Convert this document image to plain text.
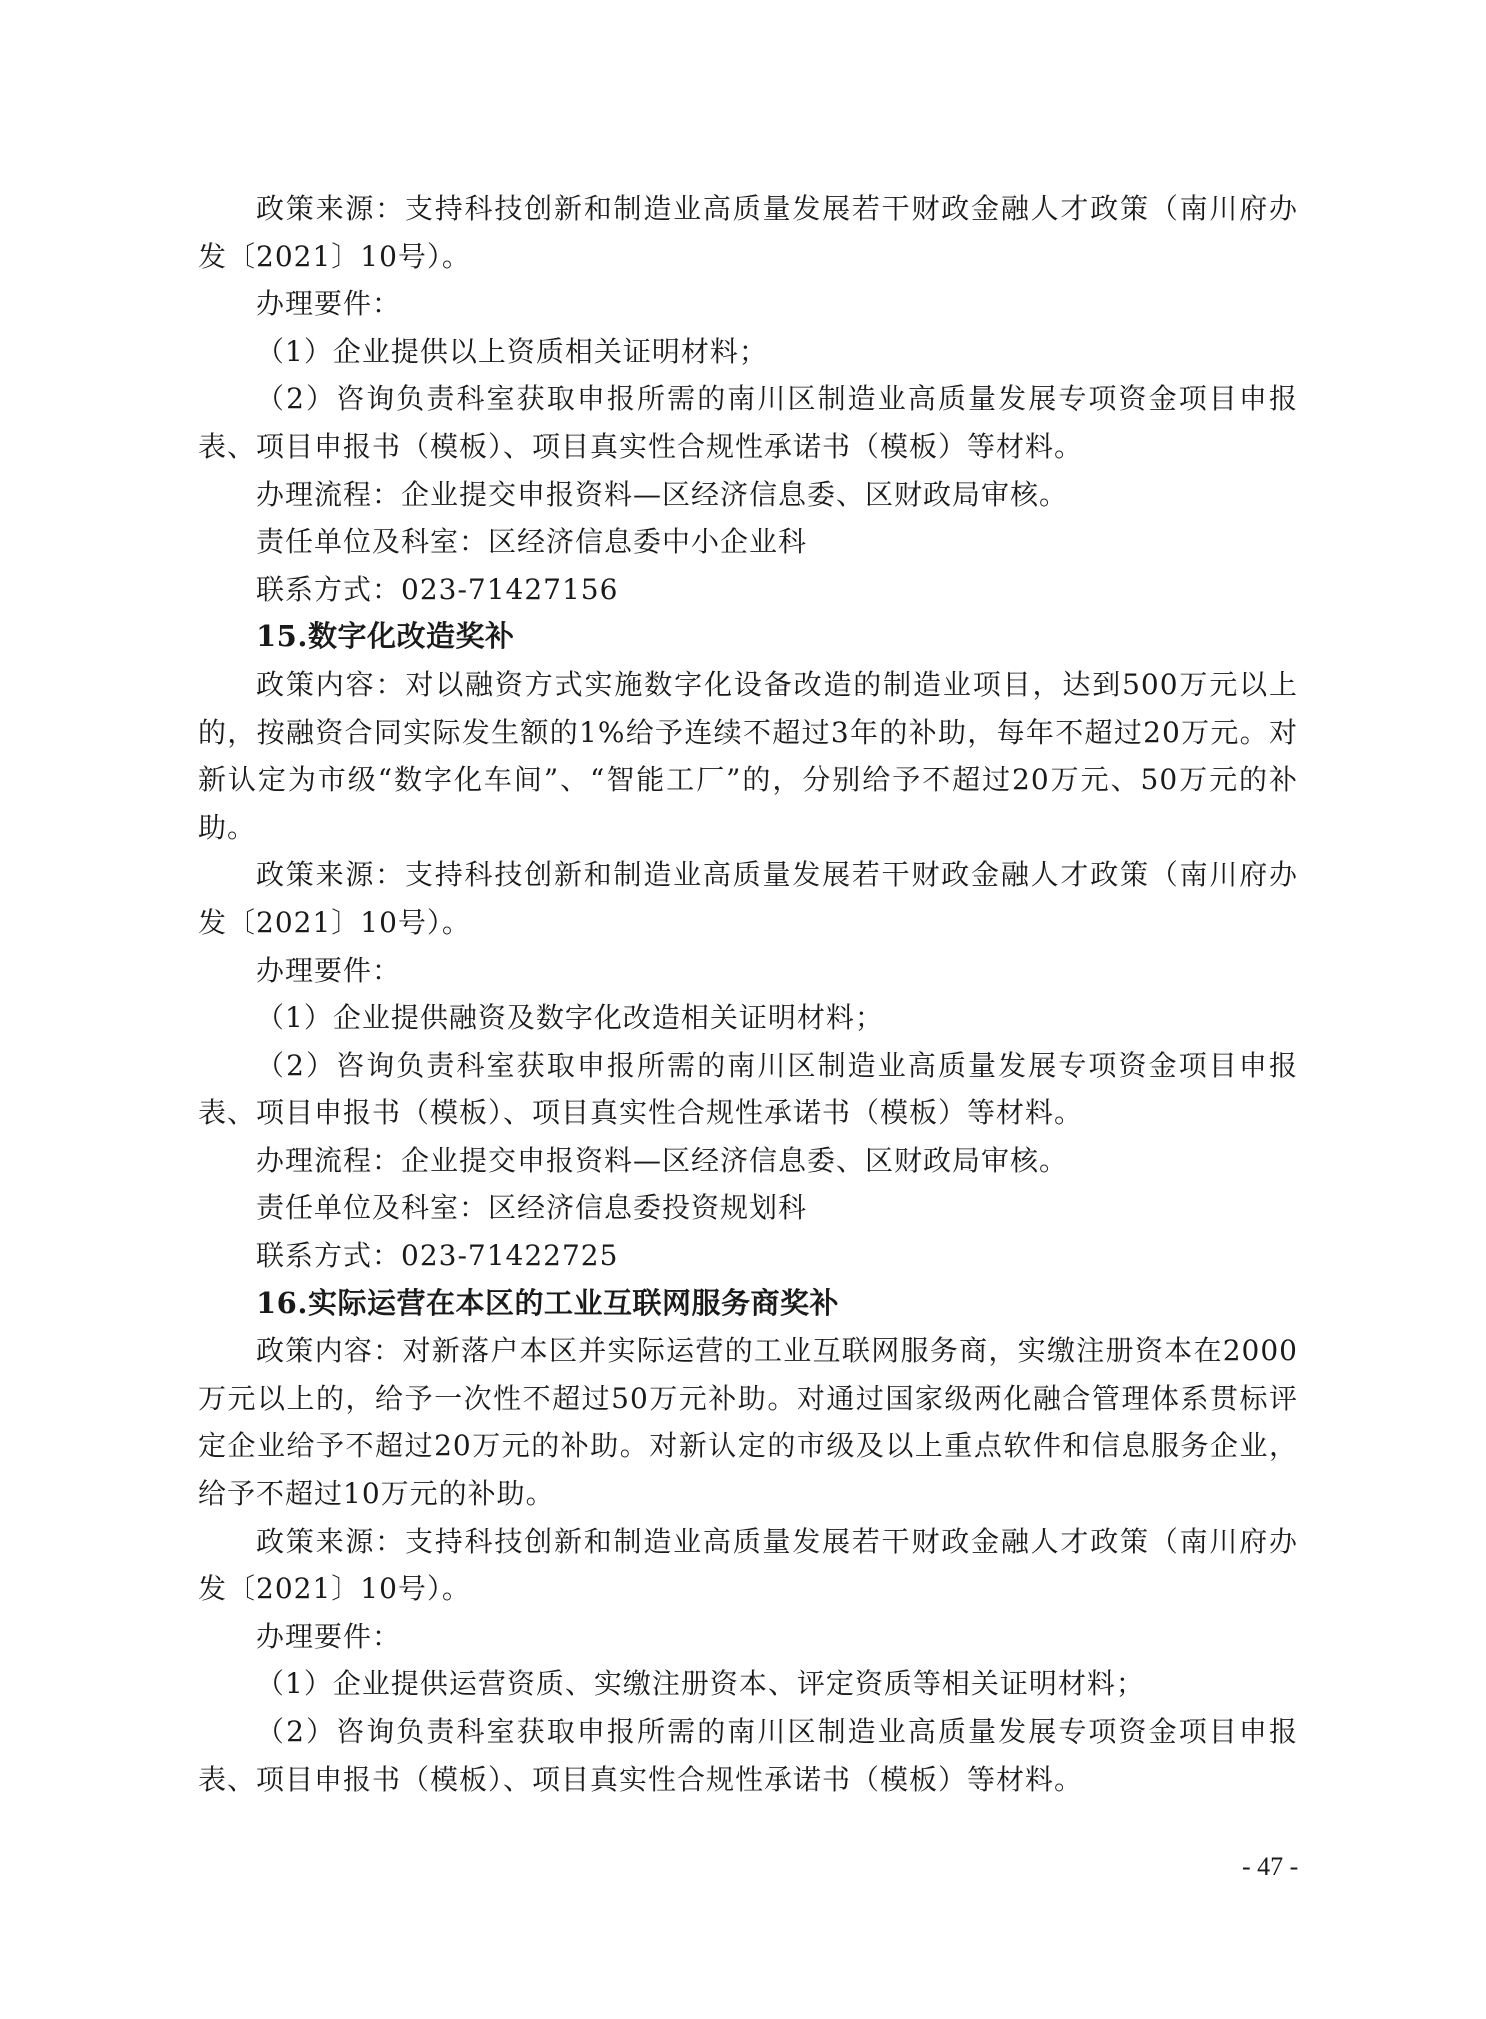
政策来源：支持科技创新和制造业高质量发展若干财政金融人才政策（南川府办发〔2021〕10号）。

办理要件：

（1）企业提供以上资质相关证明材料；

（2）咨询负责科室获取申报所需的南川区制造业高质量发展专项资金项目申报表、项目申报书（模板）、项目真实性合规性承诺书（模板）等材料。

办理流程：企业提交申报资料—区经济信息委、区财政局审核。

责任单位及科室：区经济信息委中小企业科

联系方式：023-71427156

15.数字化改造奖补

政策内容：对以融资方式实施数字化设备改造的制造业项目，达到500万元以上的，按融资合同实际发生额的1%给予连续不超过3年的补助，每年不超过20万元。对新认定为市级“数字化车间”、“智能工厂”的，分别给予不超过20万元、50万元的补助。

政策来源：支持科技创新和制造业高质量发展若干财政金融人才政策（南川府办发〔2021〕10号）。

办理要件：

（1）企业提供融资及数字化改造相关证明材料；

（2）咨询负责科室获取申报所需的南川区制造业高质量发展专项资金项目申报表、项目申报书（模板）、项目真实性合规性承诺书（模板）等材料。

办理流程：企业提交申报资料—区经济信息委、区财政局审核。

责任单位及科室：区经济信息委投资规划科

联系方式：023-71422725

16.实际运营在本区的工业互联网服务商奖补

政策内容：对新落户本区并实际运营的工业互联网服务商，实缴注册资本在2000万元以上的，给予一次性不超过50万元补助。对通过国家级两化融合管理体系贯标评定企业给予不超过20万元的补助。对新认定的市级及以上重点软件和信息服务企业，给予不超过10万元的补助。

政策来源：支持科技创新和制造业高质量发展若干财政金融人才政策（南川府办发〔2021〕10号）。

办理要件：

（1）企业提供运营资质、实缴注册资本、评定资质等相关证明材料；

（2）咨询负责科室获取申报所需的南川区制造业高质量发展专项资金项目申报表、项目申报书（模板）、项目真实性合规性承诺书（模板）等材料。

- 47 -
